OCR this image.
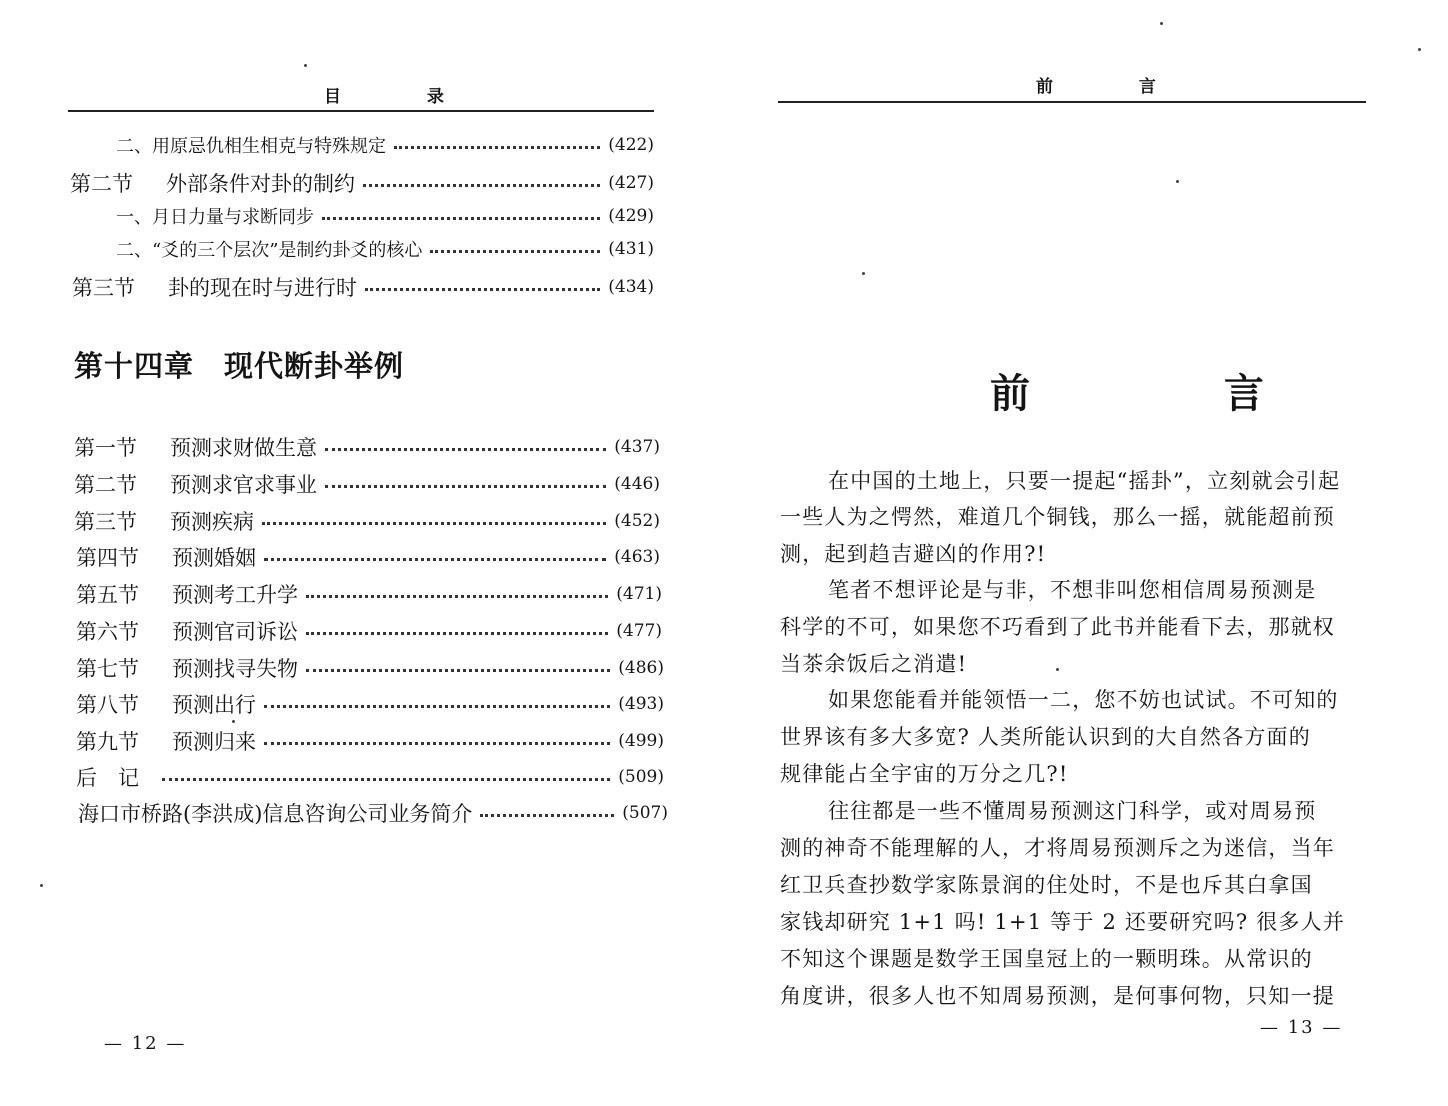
目 录
二、用原忌仇相生相克与特殊规定	(422)
第二节	外部条件对卦的制约	(427)
一、月日力量与求断同步	(429)
二、“爻的三个层次”是制约卦爻的核心	(431)
第三节	卦的现在时与进行时	(434)
第十四章　现代断卦举例
第一节	预测求财做生意	(437)
第二节	预测求官求事业	(446)
第三节	预测疾病	(452)
第四节	预测婚姻	(463)
第五节	预测考工升学	(471)
第六节	预测官司诉讼	(477)
第七节	预测找寻失物	(486)
第八节	预测出行	(493)
第九节	预测归来	(499)
后　记	(509)
海口市桥路(李洪成)信息咨询公司业务简介	(507)
— 12 —
前 言
前 言
在中国的土地上，只要一提起“摇卦”，立刻就会引起
一些人为之愕然，难道几个铜钱，那么一摇，就能超前预
测，起到趋吉避凶的作用?!
笔者不想评论是与非，不想非叫您相信周易预测是
科学的不可，如果您不巧看到了此书并能看下去，那就权
当茶余饭后之消遣!
如果您能看并能领悟一二，您不妨也试试。不可知的
世界该有多大多宽? 人类所能认识到的大自然各方面的
规律能占全宇宙的万分之几?!
往往都是一些不懂周易预测这门科学，或对周易预
测的神奇不能理解的人，才将周易预测斥之为迷信，当年
红卫兵查抄数学家陈景润的住处时，不是也斥其白拿国
家钱却研究 1+1 吗! 1+1 等于 2 还要研究吗? 很多人并
不知这个课题是数学王国皇冠上的一颗明珠。从常识的
角度讲，很多人也不知周易预测，是何事何物，只知一提
— 13 —
